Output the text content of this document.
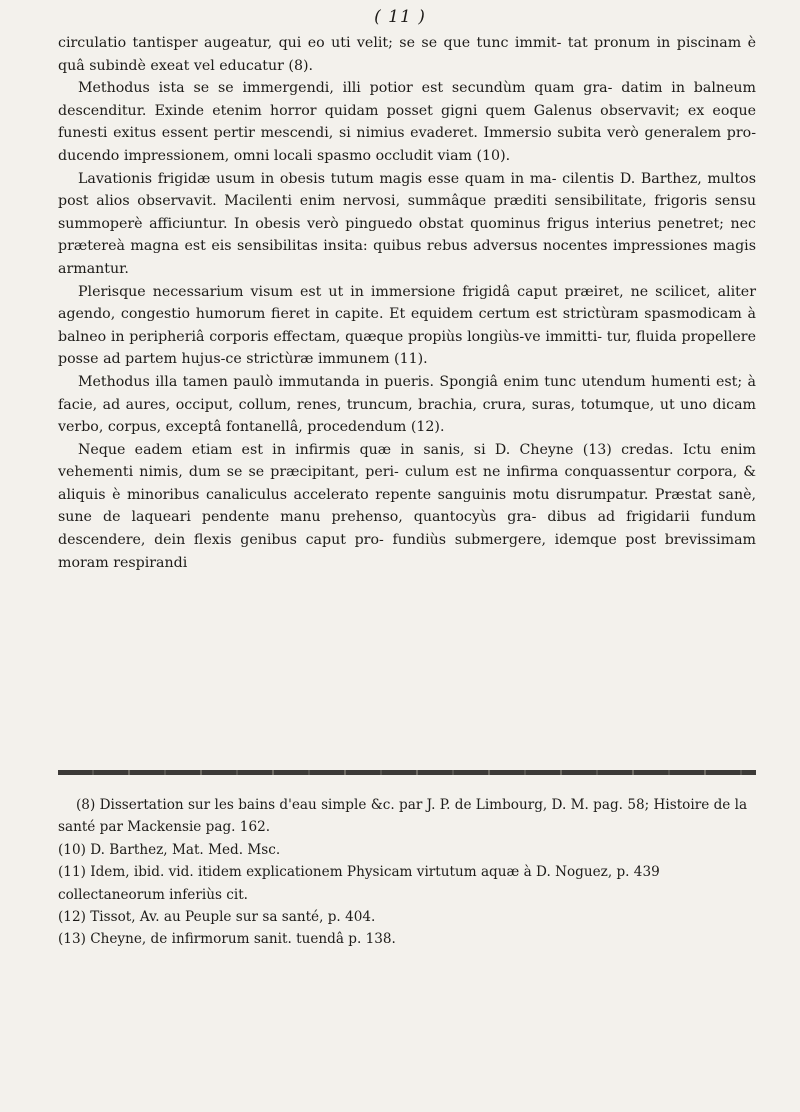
( 11 )

circulatio tantisper augeatur, qui eo uti velit; se se que tunc immit- tat pronum in piscinam è quâ subindè exeat vel educatur (8).

Methodus ista se se immergendi, illi potior est secundùm quam gra- datim in balneum descenditur. Exinde etenim horror quidam posset gigni quem Galenus observavit; ex eoque funesti exitus essent pertir mescendi, si nimius evaderet. Immersio subita verò generalem pro- ducendo impressionem, omni locali spasmo occludit viam (10).

Lavationis frigidæ usum in obesis tutum magis esse quam in ma- cilentis D. Barthez, multos post alios observavit. Macilenti enim nervosi, summâque præditi sensibilitate, frigoris sensu summoperè afficiuntur. In obesis verò pinguedo obstat quominus frigus interius penetret; nec prætereà magna est eis sensibilitas insita: quibus rebus adversus nocentes impressiones magis armantur.

Plerisque necessarium visum est ut in immersione frigidâ caput præiret, ne scilicet, aliter agendo, congestio humorum fieret in capite. Et equidem certum est strictùram spasmodicam à balneo in peripheriâ corporis effectam, quæque propiùs longiùs-ve immitti- tur, fluida propellere posse ad partem hujus-ce strictùræ immunem (11).

Methodus illa tamen paulò immutanda in pueris. Spongiâ enim tunc utendum humenti est; à facie, ad aures, occiput, collum, renes, truncum, brachia, crura, suras, totumque, ut uno dicam verbo, corpus, exceptâ fontanellâ, procedendum (12).

Neque eadem etiam est in infirmis quæ in sanis, si D. Cheyne (13) credas. Ictu enim vehementi nimis, dum se se præcipitant, peri- culum est ne infirma conquassentur corpora, & aliquis è minoribus canaliculus accelerato repente sanguinis motu disrumpatur. Præstat sanè, sune de laqueari pendente manu prehenso, quantocyùs gra- dibus ad frigidarii fundum descendere, dein flexis genibus caput pro- fundiùs submergere, idemque post brevissimam moram respirandi

(8) Dissertation sur les bains d'eau simple &c. par J. P. de Limbourg, D. M. pag. 58; Histoire de la santé par Mackensie pag. 162.

(10) D. Barthez, Mat. Med. Msc.

(11) Idem, ibid. vid. itidem explicationem Physicam virtutum aquæ à D. Noguez, p. 439 collectaneorum inferiùs cit.

(12) Tissot, Av. au Peuple sur sa santé, p. 404.

(13) Cheyne, de infirmorum sanit. tuendâ p. 138.
